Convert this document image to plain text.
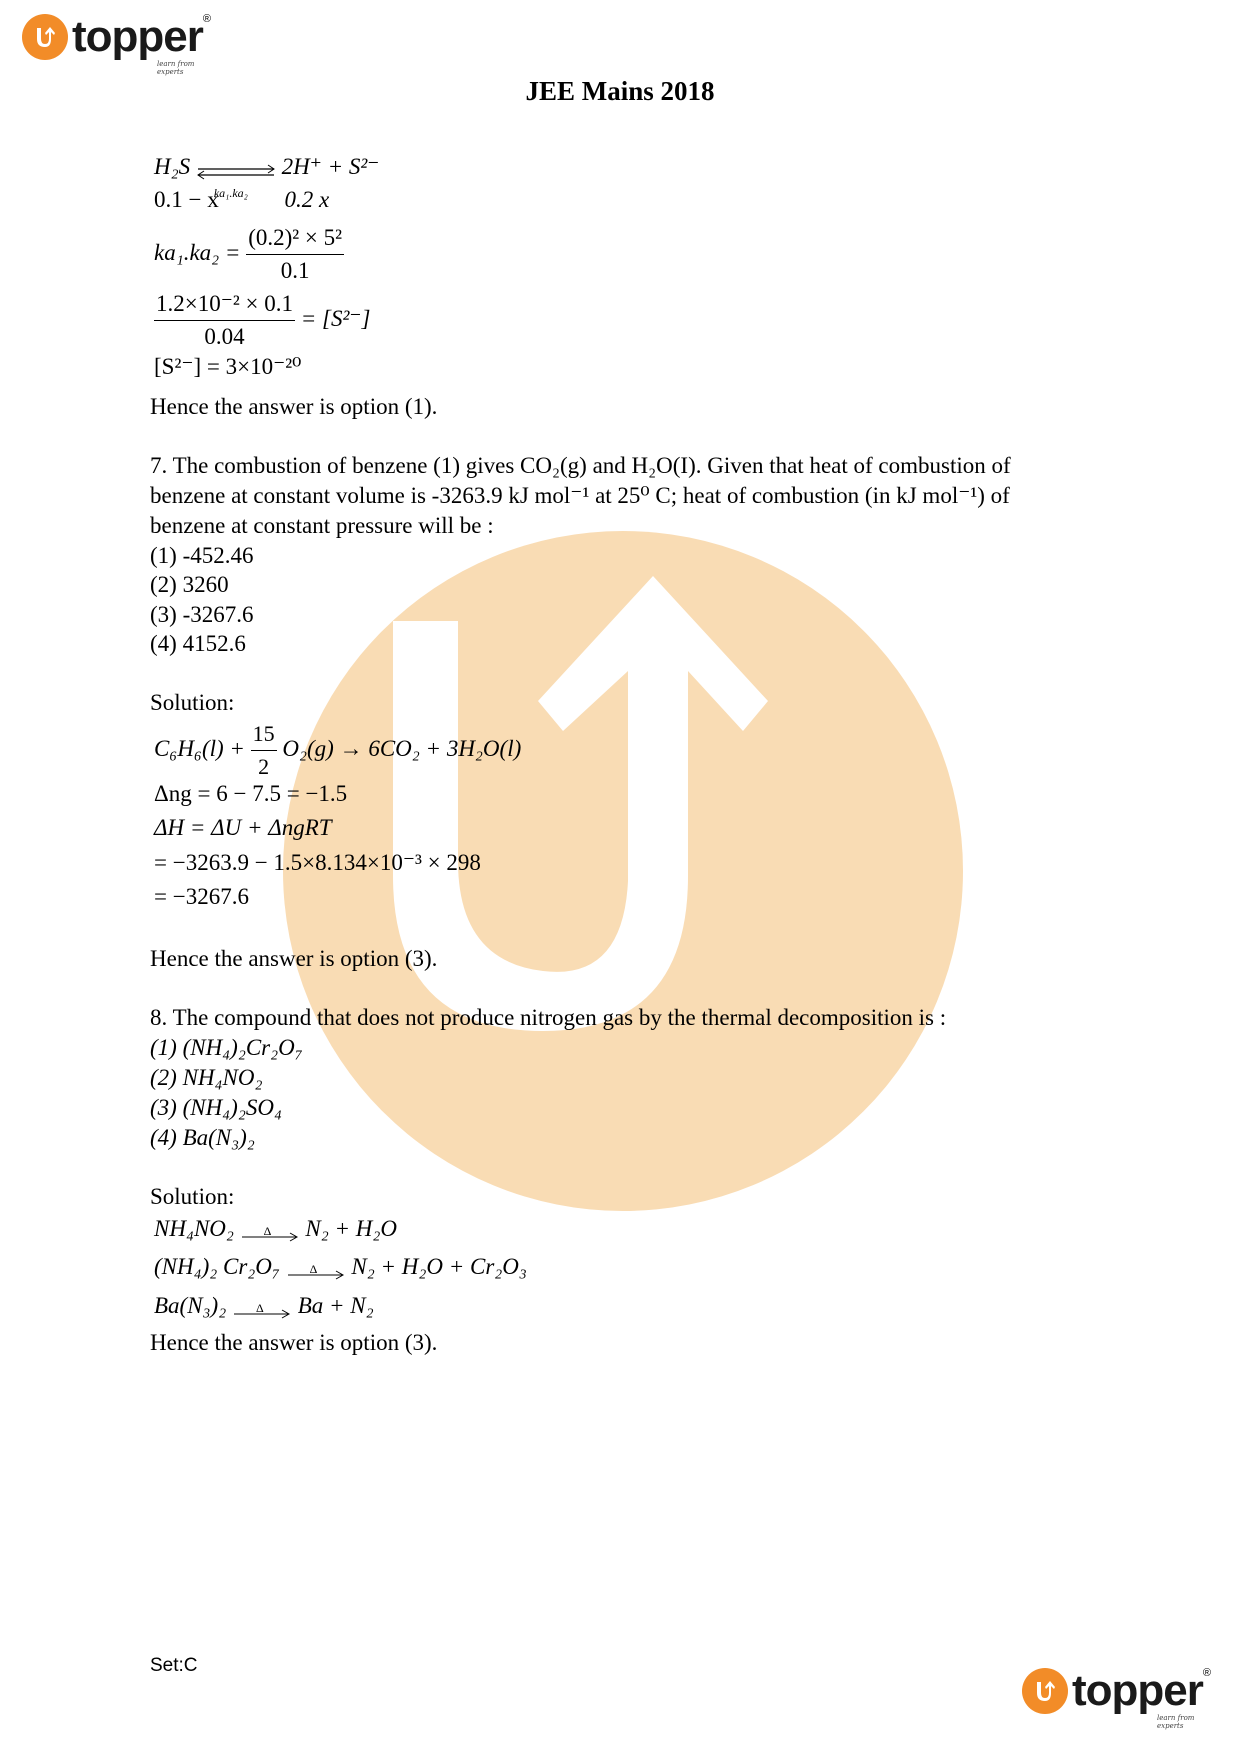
topper ®
learn from experts
JEE Mains 2018
H₂S
ka₁.ka₂
2H⁺ + S²⁻
0.1 − x	0.2 x
$ka_1.ka_2 = \frac{\text{(0.2)² × 5²}}{0.1}$
$\frac{\text{1.2×10⁻² × 0.1}}{0.04} = [S^{2-}]$
[S²⁻] = 3×10⁻²⁰
Hence the answer is option (1).
7. The combustion of benzene (1) gives CO₂(g) and H₂O(I). Given that heat of combustion of
benzene at constant volume is -3263.9 kJ mol⁻¹ at 25⁰ C; heat of combustion (in kJ mol⁻¹) of
benzene at constant pressure will be :
(1) -452.46
(2) 3260
(3) -3267.6
(4) 4152.6
Solution:
$C_6H_6(l) + \frac{15}{2} O_2(g) \to 6CO_2 + 3H_2O(l)$
Δng = 6 − 7.5 = −1.5
ΔH = ΔU + ΔngRT
= −3263.9 − 1.5×8.134×10⁻³ × 298
= −3267.6
Hence the answer is option (3).
8. The compound that does not produce nitrogen gas by the thermal decomposition is :
(1) (NH₄)₂Cr₂O₇
(2) NH₄NO₂
(3) (NH₄)₂SO₄
(4) Ba(N₃)₂
Solution:
NH₄NO₂ Δ N₂ + H₂O
(NH₄)₂ Cr₂O₇ Δ N₂ + H₂O + Cr₂O₃
Ba(N₃)₂ Δ Ba + N₂
Hence the answer is option (3).
Set:C
topper ®
learn from experts
